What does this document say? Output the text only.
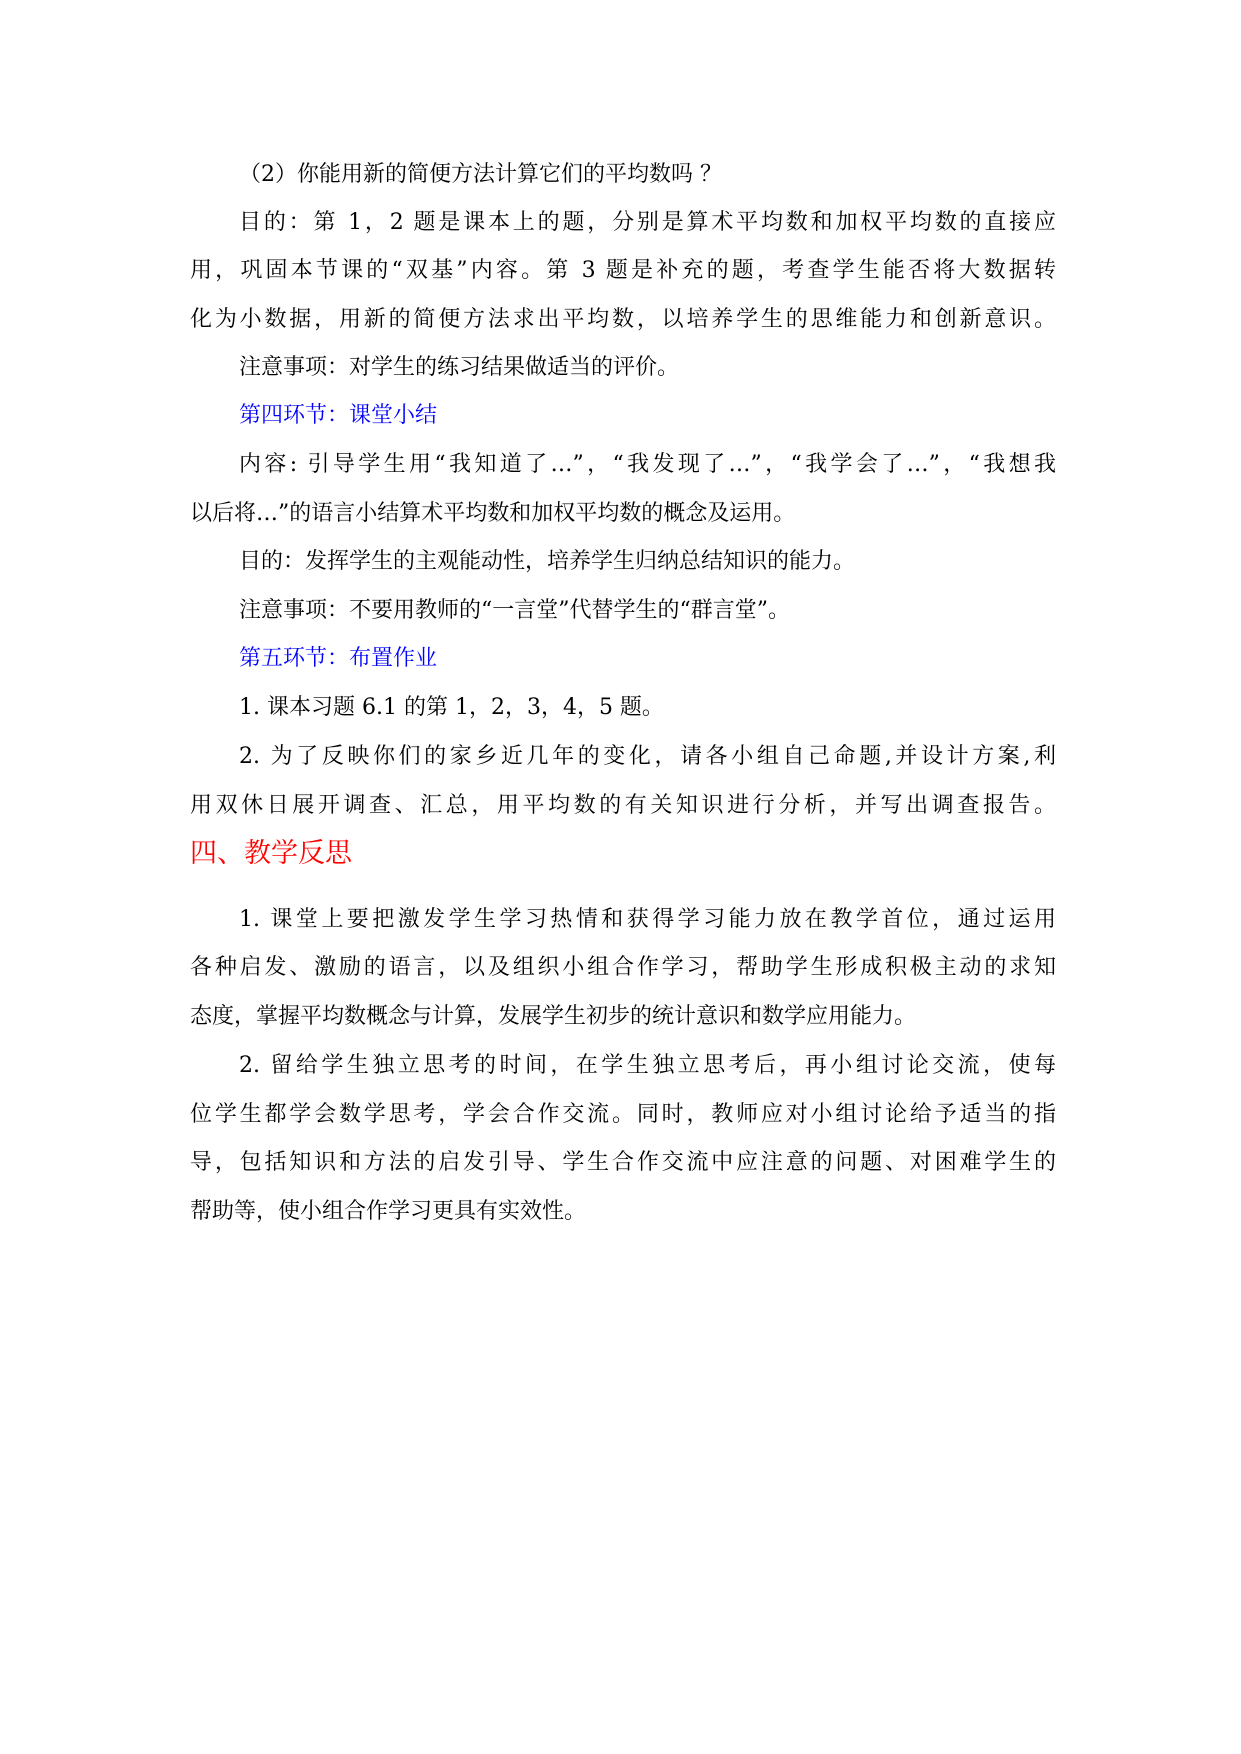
（2）你能用新的简便方法计算它们的平均数吗 ？
目的：第 1，2 题是课本上的题，分别是算术平均数和加权平均数的直接应
用，巩固本节课的“双基”内容。第 3 题是补充的题，考查学生能否将大数据转
化为小数据，用新的简便方法求出平均数，以培养学生的思维能力和创新意识。
注意事项：对学生的练习结果做适当的评价。
第四环节：课堂小结
内容: 引导学生用“我知道了…”，“我发现了…”，“我学会了…”，“我想我
以后将…”的语言小结算术平均数和加权平均数的概念及运用。
目的：发挥学生的主观能动性，培养学生归纳总结知识的能力。
注意事项：不要用教师的“一言堂”代替学生的“群言堂”。
第五环节：布置作业
1. 课本习题 6.1 的第 1，2，3，4，5 题。
2. 为了反映你们的家乡近几年的变化，请各小组自己命题,并设计方案,利
用双休日展开调查、汇总，用平均数的有关知识进行分析，并写出调查报告。
四、教学反思
1. 课堂上要把激发学生学习热情和获得学习能力放在教学首位，通过运用
各种启发、激励的语言，以及组织小组合作学习，帮助学生形成积极主动的求知
态度，掌握平均数概念与计算，发展学生初步的统计意识和数学应用能力。
2. 留给学生独立思考的时间，在学生独立思考后，再小组讨论交流，使每
位学生都学会数学思考，学会合作交流。同时，教师应对小组讨论给予适当的指
导，包括知识和方法的启发引导、学生合作交流中应注意的问题、对困难学生的
帮助等，使小组合作学习更具有实效性。
